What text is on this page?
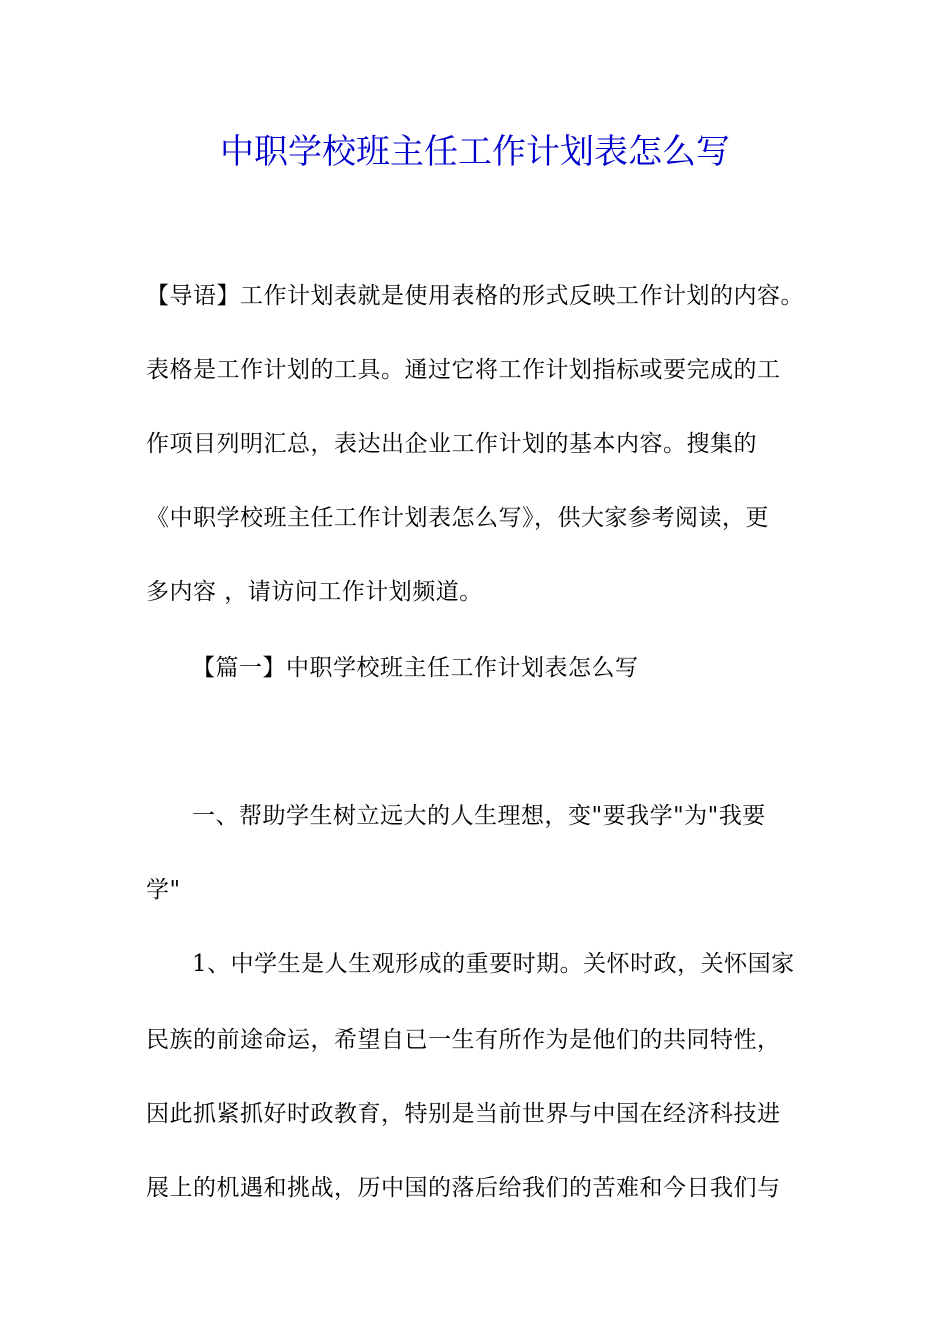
中职学校班主任工作计划表怎么写
【导语】工作计划表就是使用表格的形式反映工作计划的内容。
表格是工作计划的工具。通过它将工作计划指标或要完成的工
作项目列明汇总，表达出企业工作计划的基本内容。搜集的
《中职学校班主任工作计划表怎么写》，供大家参考阅读，更
多内容 ，请访问工作计划频道。
【篇一】中职学校班主任工作计划表怎么写
一、帮助学生树立远大的人生理想，变"要我学"为"我要
学"
1、中学生是人生观形成的重要时期。关怀时政，关怀国家
民族的前途命运，希望自已一生有所作为是他们的共同特性，
因此抓紧抓好时政教育，特别是当前世界与中国在经济科技进
展上的机遇和挑战，历中国的落后给我们的苦难和今日我们与
